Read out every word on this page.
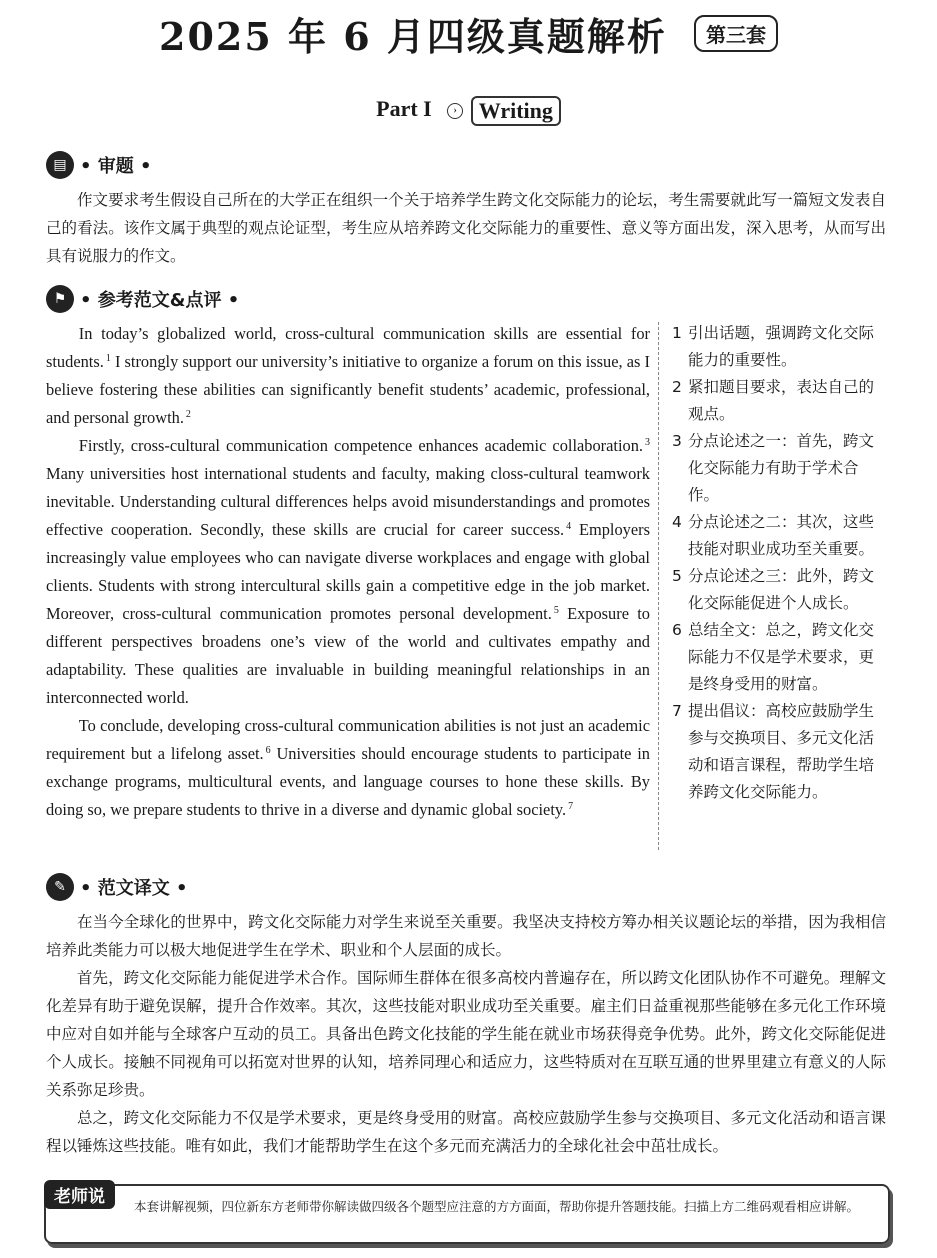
2025 年 6 月四级真题解析 第三套
Part I › Writing
▤ • 审题 •
作文要求考生假设自己所在的大学正在组织一个关于培养学生跨文化交际能力的论坛，考生需要就此写一篇短文发表自己的看法。该作文属于典型的观点论证型，考生应从培养跨文化交际能力的重要性、意义等方面出发，深入思考，从而写出具有说服力的作文。
⚑ • 参考范文&点评 •

In today’s globalized world, cross-cultural communication skills are essential for students. $^1$ I strongly support our university’s initiative to organize a forum on this issue, as I believe fostering these abilities can significantly benefit students’ academic, professional, and personal growth. $^2$

Firstly, cross-cultural communication competence enhances academic collaboration. $^3$ Many universities host international students and faculty, making closs-cultural teamwork inevitable. Understanding cultural differences helps avoid misunderstandings and promotes effective cooperation. Secondly, these skills are crucial for career success. $^4$ Employers increasingly value employees who can navigate diverse workplaces and engage with global clients. Students with strong intercultural skills gain a competitive edge in the job market. Moreover, cross-cultural communication promotes personal development. $^5$ Exposure to different perspectives broadens one’s view of the world and cultivates empathy and adaptability. These qualities are invaluable in building meaningful relationships in an interconnected world.

To conclude, developing cross-cultural communication abilities is not just an academic requirement but a lifelong asset. $^6$ Universities should encourage students to participate in exchange programs, multicultural events, and language courses to hone these skills. By doing so, we prepare students to thrive in a diverse and dynamic global society. $^7$

1 引出话题，强调跨文化交际能力的重要性。
2 紧扣题目要求，表达自己的观点。
3 分点论述之一：首先，跨文化交际能力有助于学术合作。
4 分点论述之二：其次，这些技能对职业成功至关重要。
5 分点论述之三：此外，跨文化交际能促进个人成长。
6 总结全文：总之，跨文化交际能力不仅是学术要求，更是终身受用的财富。
7 提出倡议：高校应鼓励学生参与交换项目、多元文化活动和语言课程，帮助学生培养跨文化交际能力。
✎ • 范文译文 •
在当今全球化的世界中，跨文化交际能力对学生来说至关重要。我坚决支持校方筹办相关议题论坛的举措，因为我相信培养此类能力可以极大地促进学生在学术、职业和个人层面的成长。
首先，跨文化交际能力能促进学术合作。国际师生群体在很多高校内普遍存在，所以跨文化团队协作不可避免。理解文化差异有助于避免误解，提升合作效率。其次，这些技能对职业成功至关重要。雇主们日益重视那些能够在多元化工作环境中应对自如并能与全球客户互动的员工。具备出色跨文化技能的学生能在就业市场获得竞争优势。此外，跨文化交际能促进个人成长。接触不同视角可以拓宽对世界的认知，培养同理心和适应力，这些特质对在互联互通的世界里建立有意义的人际关系弥足珍贵。
总之，跨文化交际能力不仅是学术要求，更是终身受用的财富。高校应鼓励学生参与交换项目、多元文化活动和语言课程以锤炼这些技能。唯有如此，我们才能帮助学生在这个多元而充满活力的全球化社会中茁壮成长。
本套讲解视频，四位新东方老师带你解读做四级各个题型应注意的方方面面，帮助你提升答题技能。扫描上方二维码观看相应讲解。
老师说
